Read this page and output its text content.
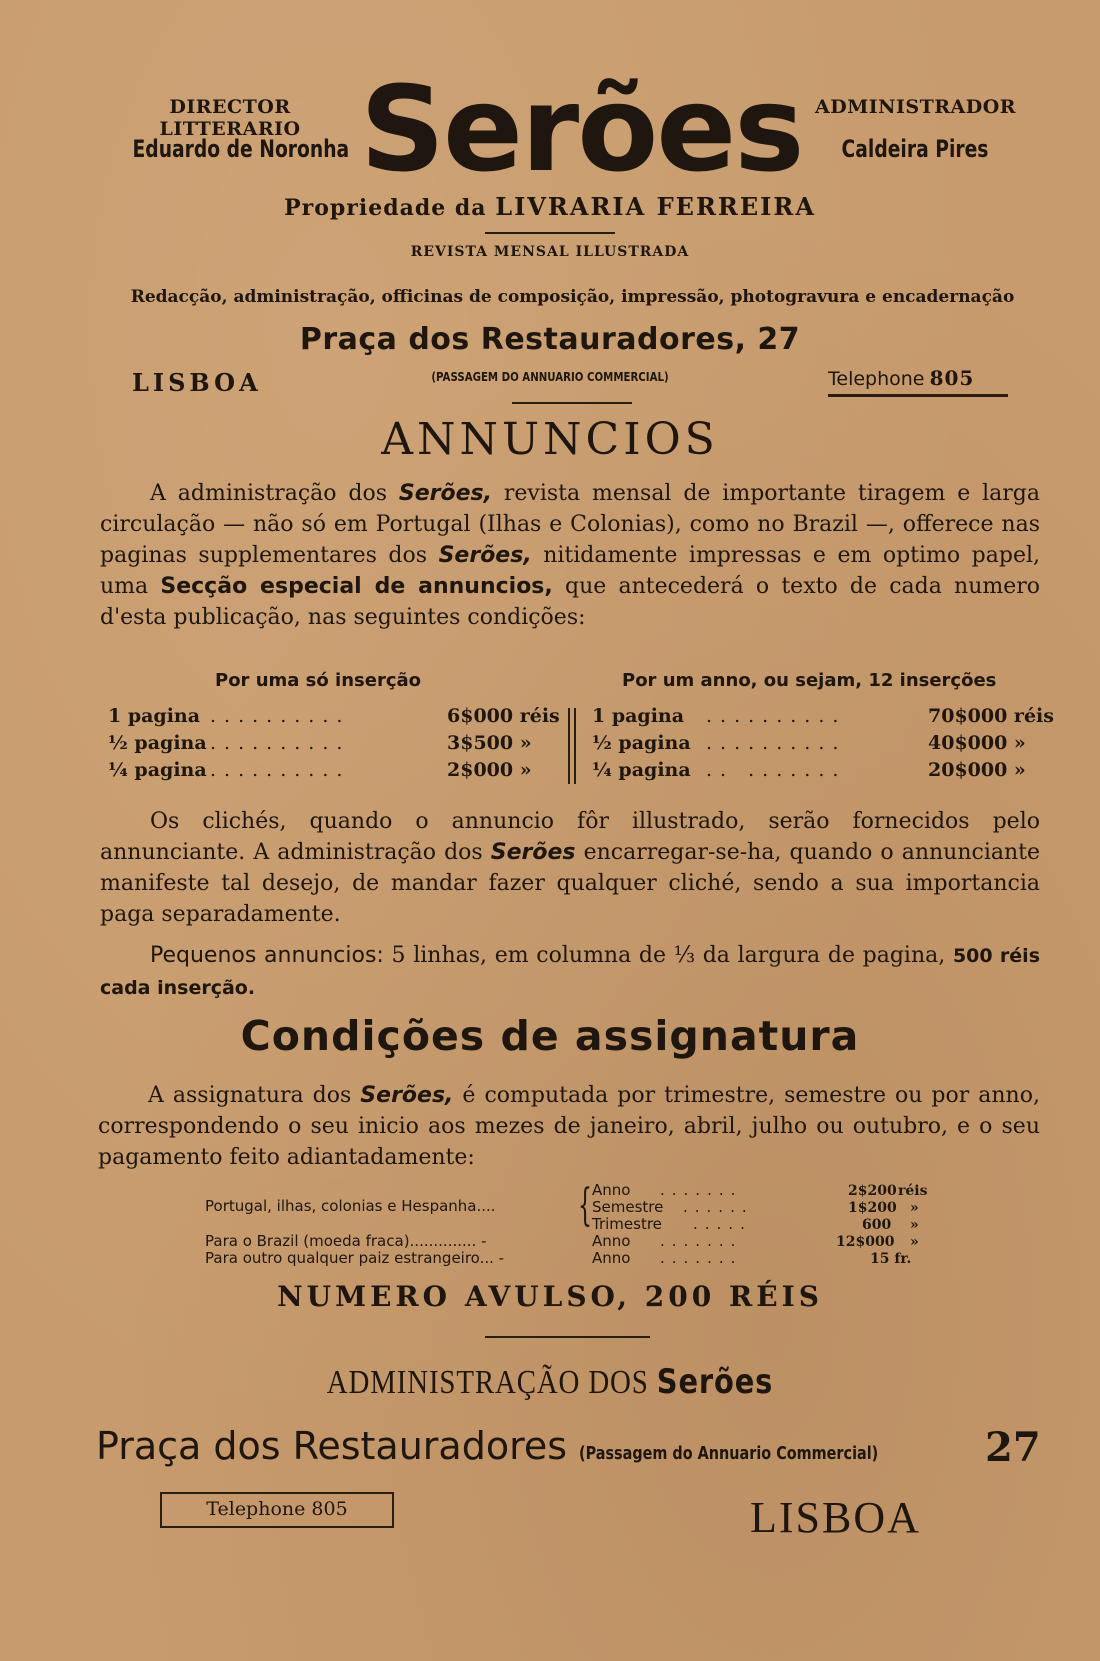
DIRECTOR LITTERARIO
Eduardo de Noronha Serões ADMINISTRADOR
Caldeira Pires
Propriedade da LIVRARIA FERREIRA
REVISTA MENSAL ILLUSTRADA
Redacção, administração, officinas de composição, impressão, photogravura e encadernação
Praça dos Restauradores, 27
LISBOA	(PASSAGEM DO ANNUARIO COMMERCIAL)	Telephone 805
ANNUNCIOS
A administração dos Serões, revista mensal de importante tiragem e larga circulação — não só em Portugal (Ilhas e Colonias), como no Brazil —, offerece nas paginas supplementares dos Serões, nitidamente impressas e em optimo papel, uma Secção especial de annuncios, que antecederá o texto de cada numero d'esta publicação, nas seguintes condições:
Por uma só inserção	Por um anno, ou sejam, 12 inserções
1 pagina ..........	6$000 réis
½ pagina ..........	3$500 »
¼ pagina ..........	2$000 »
1 pagina ..........	70$000 réis
½ pagina ..........	40$000 »
¼ pagina .. .......	20$000 »
Os clichés, quando o annuncio fôr illustrado, serão fornecidos pelo annunciante. A administração dos Serões encarregar-se-ha, quando o annunciante manifeste tal desejo, de mandar fazer qualquer cliché, sendo a sua importancia paga separadamente.
Pequenos annuncios: 5 linhas, em columna de ⅓ da largura de pagina, 500 réis cada inserção.
Condições de assignatura
A assignatura dos Serões, é computada por trimestre, semestre ou por anno, correspondendo o seu inicio aos mezes de janeiro, abril, julho ou outubro, e o seu pagamento feito adiantadamente:
Portugal, ilhas, colonias e Hespanha.... { Anno .......	2$200 réis
Semestre ......	1$200 »
Trimestre .....	600 »
Para o Brazil (moeda fraca).............. -	Anno .......	12$000 »
Para outro qualquer paiz estrangeiro... -	Anno .......	15 fr.
NUMERO AVULSO, 200 RÉIS
ADMINISTRAÇÃO DOS Serões
Praça dos Restauradores (Passagem do Annuario Commercial)	27
Telephone 805	LISBOA
